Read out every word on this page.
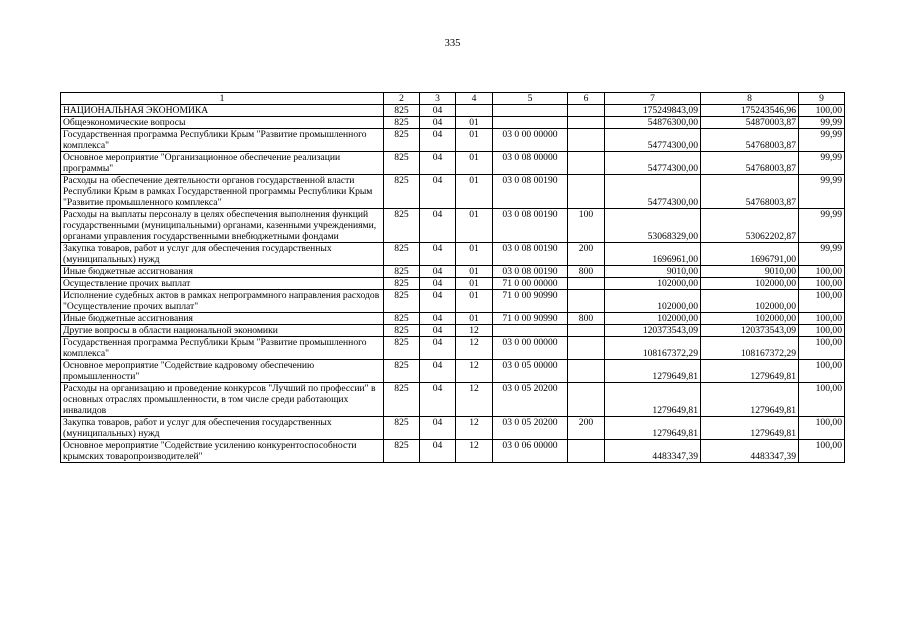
335
1	2	3	4	5	6	7	8	9
НАЦИОНАЛЬНАЯ ЭКОНОМИКА	825	04				175249843,09	175243546,96	100,00
Общеэкономические вопросы	825	04	01			54876300,00	54870003,87	99,99
Государственная программа Республики Крым "Развитие промышленного комплекса"	825	04	01	03 0 00 00000		54774300,00	54768003,87	99,99
Основное мероприятие "Организационное обеспечение реализации программы"	825	04	01	03 0 08 00000		54774300,00	54768003,87	99,99
Расходы на обеспечение деятельности органов государственной власти Республики Крым в рамках Государственной программы Республики Крым "Развитие промышленного комплекса"	825	04	01	03 0 08 00190		54774300,00	54768003,87	99,99
Расходы на выплаты персоналу в целях обеспечения выполнения функций государственными (муниципальными) органами, казенными учреждениями, органами управления государственными внебюджетными фондами	825	04	01	03 0 08 00190	100	53068329,00	53062202,87	99,99
Закупка товаров, работ и услуг для обеспечения государственных (муниципальных) нужд	825	04	01	03 0 08 00190	200	1696961,00	1696791,00	99,99
Иные бюджетные ассигнования	825	04	01	03 0 08 00190	800	9010,00	9010,00	100,00
Осуществление прочих выплат	825	04	01	71 0 00 00000		102000,00	102000,00	100,00
Исполнение судебных актов в рамках непрограммного направления расходов "Осуществление прочих выплат"	825	04	01	71 0 00 90990		102000,00	102000,00	100,00
Иные бюджетные ассигнования	825	04	01	71 0 00 90990	800	102000,00	102000,00	100,00
Другие вопросы в области национальной экономики	825	04	12			120373543,09	120373543,09	100,00
Государственная программа Республики Крым "Развитие промышленного комплекса"	825	04	12	03 0 00 00000		108167372,29	108167372,29	100,00
Основное мероприятие "Содействие кадровому обеспечению промышленности"	825	04	12	03 0 05 00000		1279649,81	1279649,81	100,00
Расходы на организацию и проведение конкурсов "Лучший по профессии" в основных отраслях промышленности, в том числе среди работающих инвалидов	825	04	12	03 0 05 20200		1279649,81	1279649,81	100,00
Закупка товаров, работ и услуг для обеспечения государственных (муниципальных) нужд	825	04	12	03 0 05 20200	200	1279649,81	1279649,81	100,00
Основное мероприятие "Содействие усилению конкурентоспособности крымских товаропроизводителей"	825	04	12	03 0 06 00000		4483347,39	4483347,39	100,00
